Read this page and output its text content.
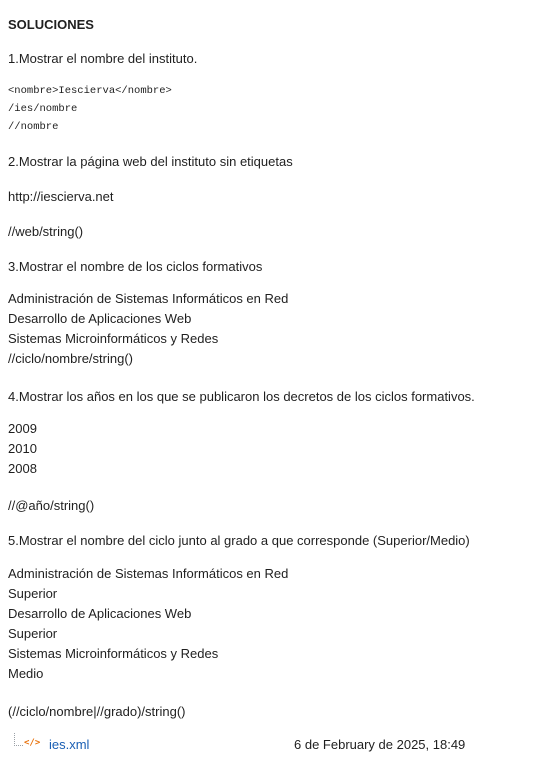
SOLUCIONES
1.Mostrar el nombre del instituto.
<nombre>Iescierva</nombre>
/ies/nombre
//nombre
2.Mostrar la página web del instituto sin etiquetas
http://iescierva.net
//web/string()
3.Mostrar el nombre de los ciclos formativos
Administración de Sistemas Informáticos en Red
Desarrollo de Aplicaciones Web
Sistemas Microinformáticos y Redes
//ciclo/nombre/string()
4.Mostrar los años en los que se publicaron los decretos de los ciclos formativos.
2009
2010
2008
//@año/string()
5.Mostrar el nombre del ciclo junto al grado a que corresponde (Superior/Medio)
Administración de Sistemas Informáticos en Red
Superior
Desarrollo de Aplicaciones Web
Superior
Sistemas Microinformáticos y Redes
Medio
(//ciclo/nombre|//grado)/string()
</> ies.xml	6 de February de 2025, 18:49
